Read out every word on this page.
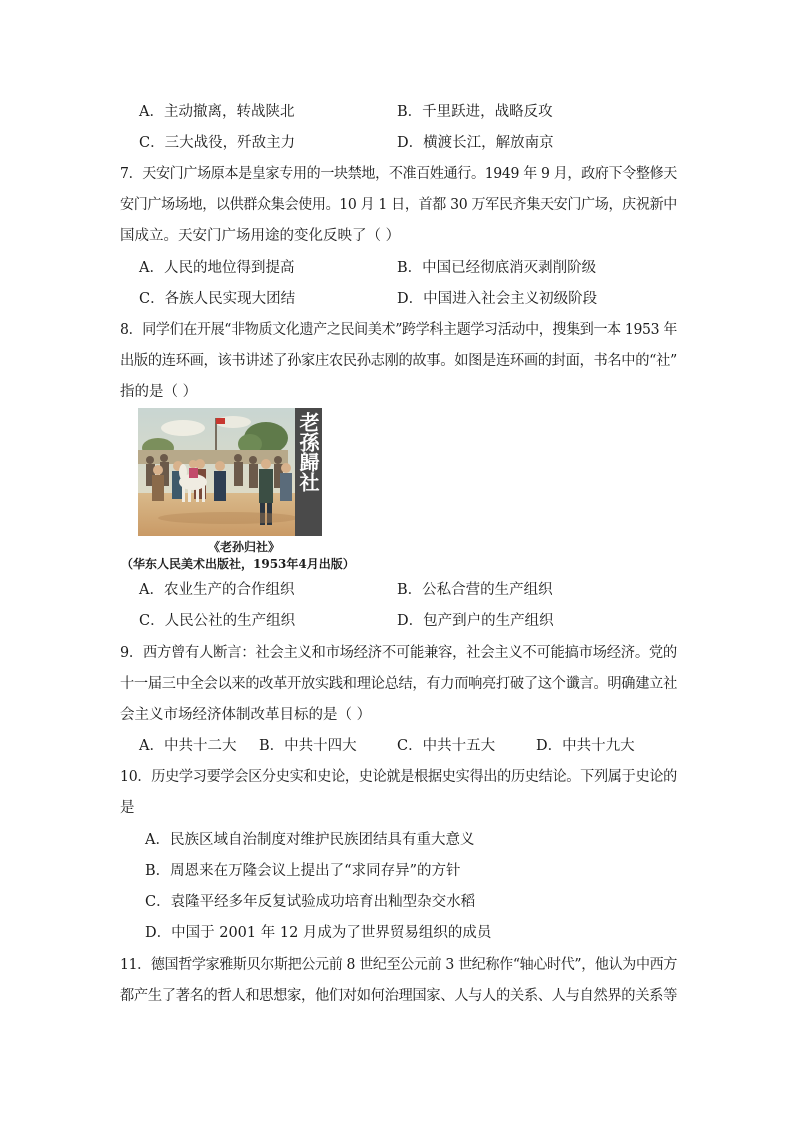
A．主动撤离，转战陕北	B．千里跃进，战略反攻
C．三大战役，歼敌主力	D．横渡长江，解放南京
7．天安门广场原本是皇家专用的一块禁地，不准百姓通行。1949 年 9 月，政府下令整修天
安门广场场地，以供群众集会使用。10 月 1 日，首都 30 万军民齐集天安门广场，庆祝新中
国成立。天安门广场用途的变化反映了（ ）
A．人民的地位得到提高	B．中国已经彻底消灭剥削阶级
C．各族人民实现大团结	D．中国进入社会主义初级阶段
8．同学们在开展“非物质文化遗产之民间美术”跨学科主题学习活动中，搜集到一本 1953 年
出版的连环画，该书讲述了孙家庄农民孙志刚的故事。如图是连环画的封面，书名中的“社”
指的是（ ）
老孫歸社
《老孙归社》
（华东人民美术出版社，1953年4月出版）
A．农业生产的合作组织	B．公私合营的生产组织
C．人民公社的生产组织	D．包产到户的生产组织
9．西方曾有人断言：社会主义和市场经济不可能兼容，社会主义不可能搞市场经济。党的
十一届三中全会以来的改革开放实践和理论总结，有力而响亮打破了这个谶言。明确建立社
会主义市场经济体制改革目标的是（ ）
A．中共十二大 B．中共十四大	C．中共十五大	D．中共十九大
10．历史学习要学会区分史实和史论，史论就是根据史实得出的历史结论。下列属于史论的
是
A．民族区域自治制度对维护民族团结具有重大意义
B．周恩来在万隆会议上提出了“求同存异”的方针
C．袁隆平经多年反复试验成功培育出籼型杂交水稻
D．中国于 2001 年 12 月成为了世界贸易组织的成员
11．德国哲学家雅斯贝尔斯把公元前 8 世纪至公元前 3 世纪称作“轴心时代”，他认为中西方
都产生了著名的哲人和思想家，他们对如何治理国家、人与人的关系、人与自然界的关系等
